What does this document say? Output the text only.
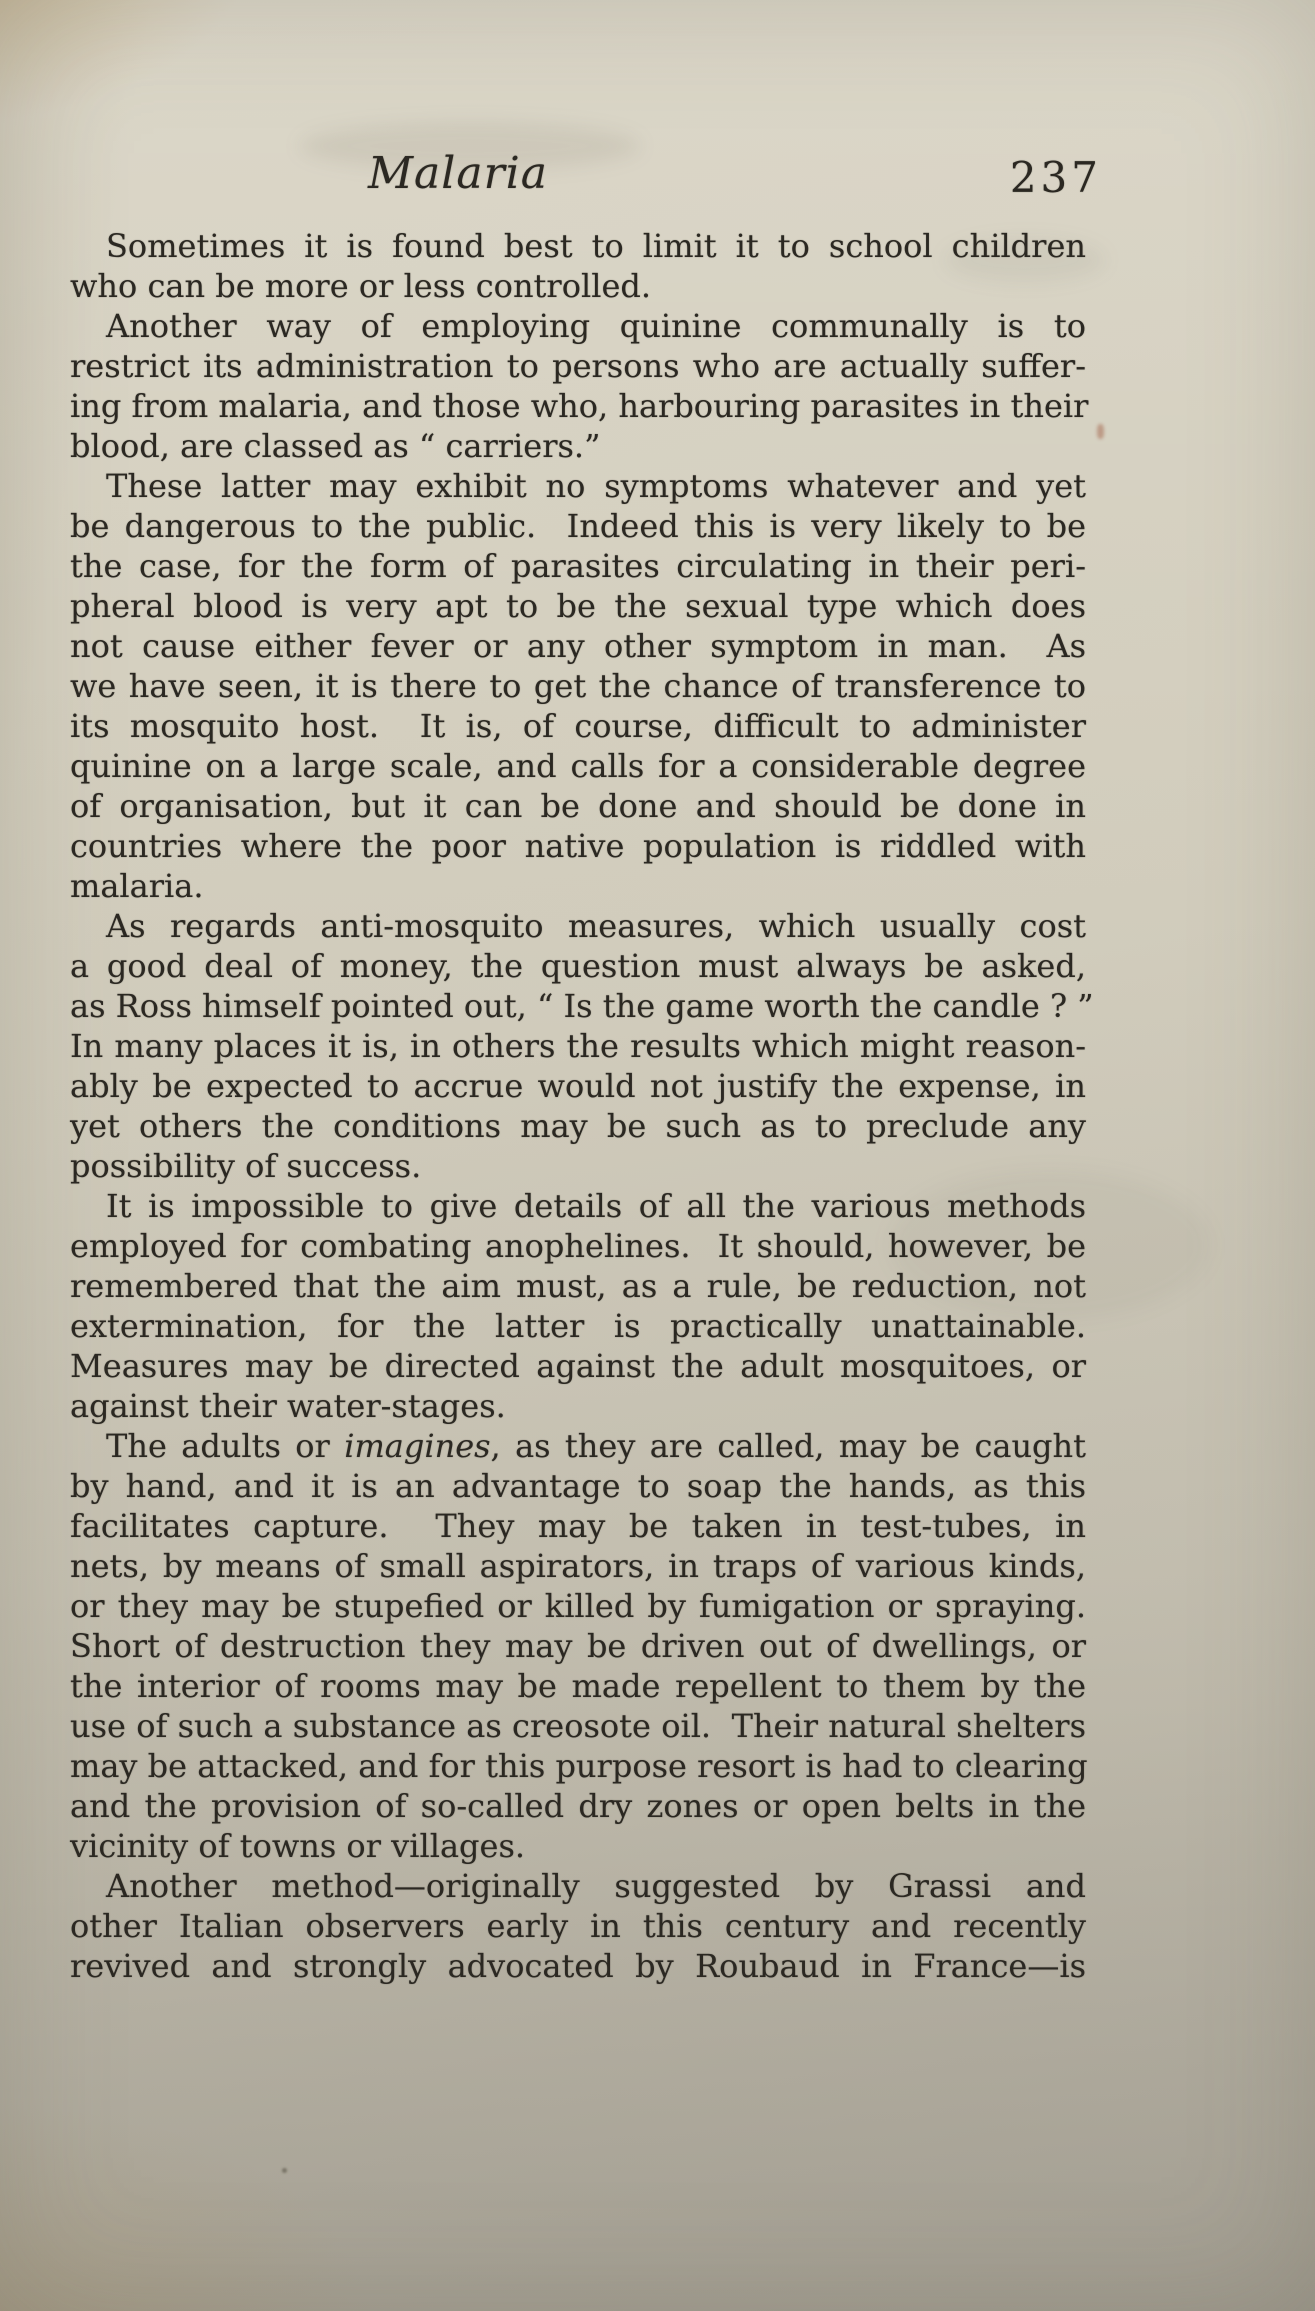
Malaria	237
Sometimes it is found best to limit it to school children
who can be more or less controlled.
Another way of employing quinine communally is to
restrict its administration to persons who are actually suffer-
ing from malaria, and those who, harbouring parasites in their
blood, are classed as “ carriers.”
These latter may exhibit no symptoms whatever and yet
be dangerous to the public.  Indeed this is very likely to be
the case, for the form of parasites circulating in their peri-
pheral blood is very apt to be the sexual type which does
not cause either fever or any other symptom in man.  As
we have seen, it is there to get the chance of transference to
its mosquito host.  It is, of course, difficult to administer
quinine on a large scale, and calls for a considerable degree
of organisation, but it can be done and should be done in
countries where the poor native population is riddled with
malaria.
As regards anti-mosquito measures, which usually cost
a good deal of money, the question must always be asked,
as Ross himself pointed out, “ Is the game worth the candle ? ”
In many places it is, in others the results which might reason-
ably be expected to accrue would not justify the expense, in
yet others the conditions may be such as to preclude any
possibility of success.
It is impossible to give details of all the various methods
employed for combating anophelines.  It should, however, be
remembered that the aim must, as a rule, be reduction, not
extermination, for the latter is practically unattainable.
Measures may be directed against the adult mosquitoes, or
against their water-stages.
The adults or imagines, as they are called, may be caught
by hand, and it is an advantage to soap the hands, as this
facilitates capture.  They may be taken in test-tubes, in
nets, by means of small aspirators, in traps of various kinds,
or they may be stupefied or killed by fumigation or spraying.
Short of destruction they may be driven out of dwellings, or
the interior of rooms may be made repellent to them by the
use of such a substance as creosote oil.  Their natural shelters
may be attacked, and for this purpose resort is had to clearing
and the provision of so-called dry zones or open belts in the
vicinity of towns or villages.
Another method—originally suggested by Grassi and
other Italian observers early in this century and recently
revived and strongly advocated by Roubaud in France—is
